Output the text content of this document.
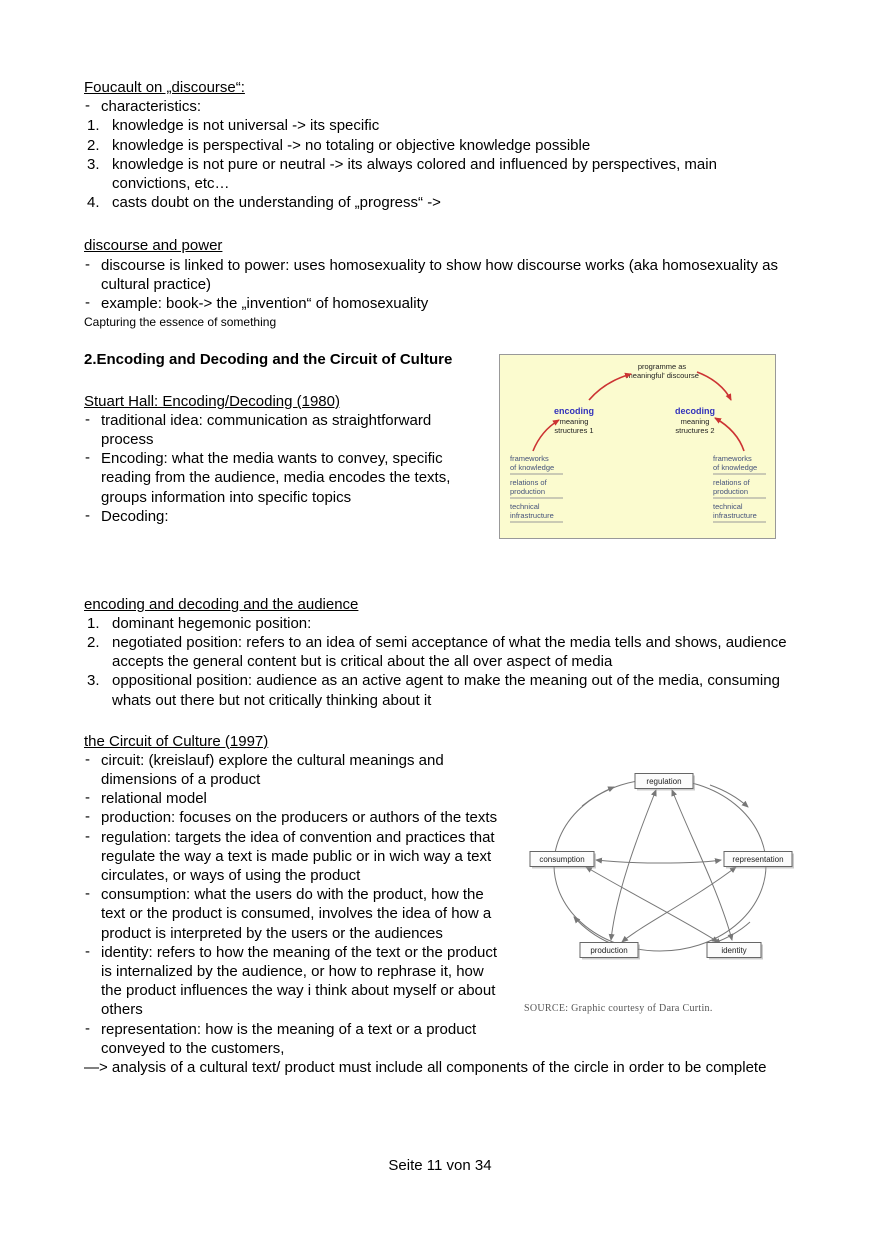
Foucault on „discourse“:

- characteristics:
knowledge is not universal -> its specific
knowledge is perspectival -> no totaling or objective knowledge possible
knowledge is not pure or neutral -> its always colored and influenced by perspectives, main convictions, etc…
casts doubt on the understanding of „progress“ ->

discourse and power

- discourse is linked to power: uses homosexuality to show how discourse works (aka homosexuality as cultural practice)
- example: book-> the „invention“ of homosexuality

Capturing the essence of something

programme as
'meaningful' discourse
encoding
meaning
structures 1
decoding
meaning
structures 2
frameworks
of knowledge
relations of
production
technical
infrastructure
frameworks
of knowledge
relations of
production
technical
infrastructure
2.Encoding and Decoding and the Circuit of Culture

Stuart Hall: Encoding/Decoding (1980)

- traditional idea: communication as straightforward process
- Encoding: what the media wants to convey, specific reading from the audience, media encodes the texts, groups information into specific topics
- Decoding:

encoding and decoding and the audience

dominant hegemonic position:
negotiated position: refers to an idea of semi acceptance of what the media tells and shows, audience accepts the general content but is critical about the all over aspect of media
oppositional position: audience as an active agent to make the meaning out of the media, consuming whats out there but not critically thinking about it
regulation
representation
identity
production
consumption
SOURCE: Graphic courtesy of Dara Curtin.

the Circuit of Culture (1997)

- circuit: (kreislauf) explore the cultural meanings and dimensions of a product
- relational model
- production: focuses on the producers or authors of the texts
- regulation: targets the idea of convention and practices that regulate the way a text is made public or in wich way a text circulates, or ways of using the product
- consumption: what the users do with the product, how the text or the product is consumed, involves the idea of how a product is interpreted by the users or the audiences
- identity: refers to how the meaning of the text or the product is internalized by the audience, or how to rephrase it, how the product influences the way i think about myself or about others
- representation: how is the meaning of a text or a product conveyed to the customers,

—> analysis of a cultural text/ product must include all components of the circle in order to be complete

Seite 11 von 34
